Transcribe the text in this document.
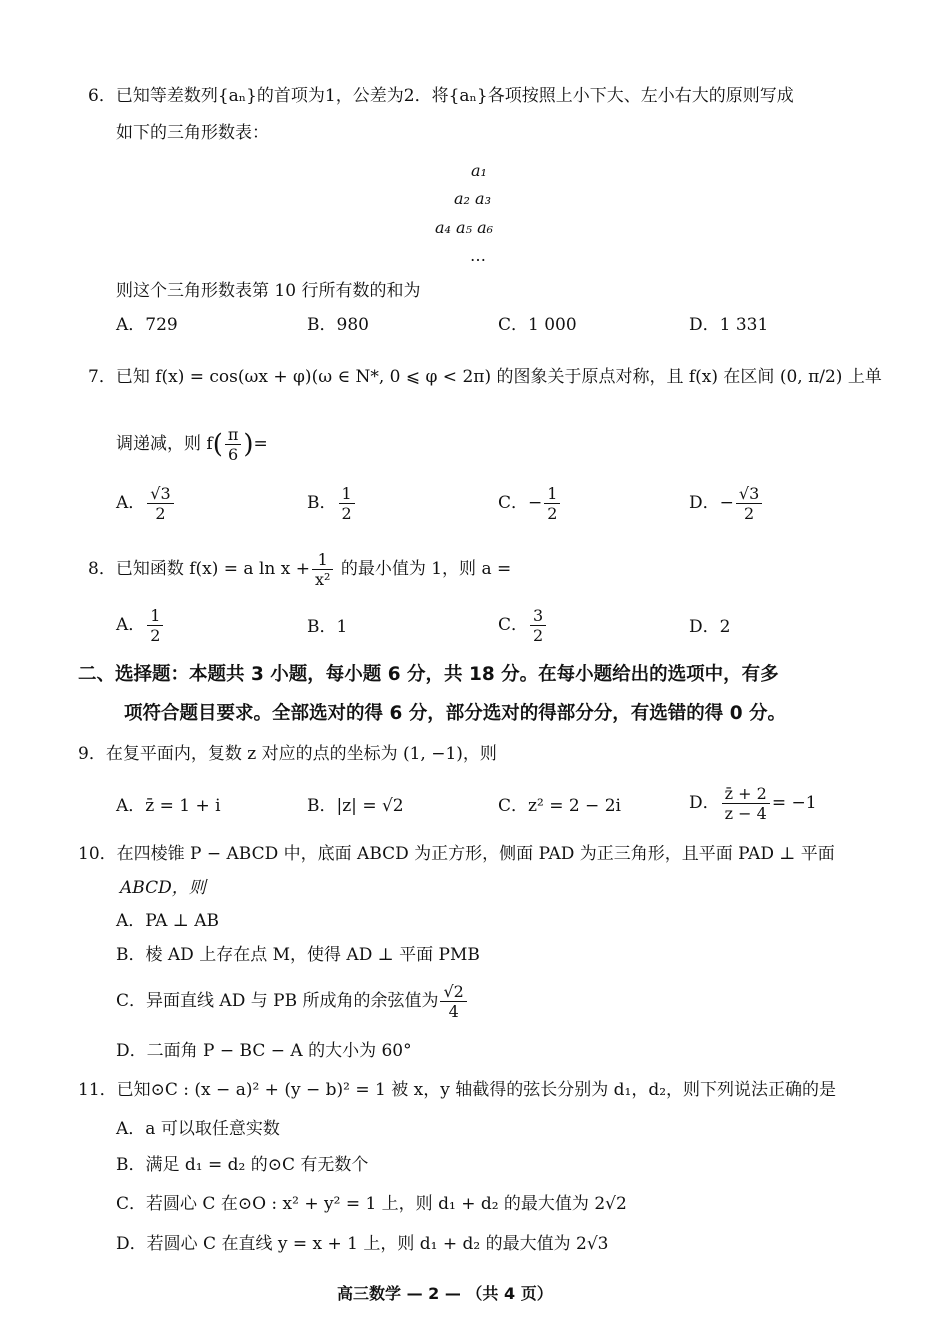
6．已知等差数列{aₙ}的首项为1，公差为2．将{aₙ}各项按照上小下大、左小右大的原则写成
如下的三角形数表：
a₁
a₂ a₃
a₄ a₅ a₆
…
则这个三角形数表第 10 行所有数的和为
A．729	B．980	C．1 000	D．1 331
7．已知 f(x) = cos(ωx + φ)(ω ∈ N*, 0 ⩽ φ < 2π) 的图象关于原点对称，且 f(x) 在区间 (0, π/2) 上单
调递减，则 $f( \frac{\pi}{6}$ )=
A． $\frac{√3}{2}$	B． $\frac{1}{2}$	C．− $\frac{1}{2}$	D．− $\frac{√3}{2}$
8．已知函数 f(x) = a $\ln x + \frac{1}{\text{x²}}$ 的最小值为 1，则 a =
A． $\frac{1}{2}$	B．1	C． $\frac{3}{2}$	D．2
二、选择题：本题共 3 小题，每小题 6 分，共 18 分。在每小题给出的选项中，有多
项符合题目要求。全部选对的得 6 分，部分选对的得部分分，有选错的得 0 分。
9．在复平面内，复数 z 对应的点的坐标为 (1, −1)，则
A．z̄ = 1 + i	B．|z| = √2	C．z² = 2 − 2i	D． $\frac{z̄ + 2}{z - 4} = -1$
10．在四棱锥 P − ABCD 中，底面 ABCD 为正方形，侧面 PAD 为正三角形，且平面 PAD ⊥ 平面
ABCD，则
A．PA ⊥ AB
B．棱 AD 上存在点 M，使得 AD ⊥ 平面 PMB
C．异面直线 AD 与 PB 所成角的余弦值为 $\frac{√2}{4}$
D．二面角 P − BC − A 的大小为 60°
11．已知⊙C : (x − a)² + (y − b)² = 1 被 x，y 轴截得的弦长分别为 d₁，d₂，则下列说法正确的是
A．a 可以取任意实数
B．满足 d₁ = d₂ 的⊙C 有无数个
C．若圆心 C 在⊙O : x² + y² = 1 上，则 d₁ + d₂ 的最大值为 2√2
D．若圆心 C 在直线 y = x + 1 上，则 d₁ + d₂ 的最大值为 2√3
高三数学 — 2 — （共 4 页）
